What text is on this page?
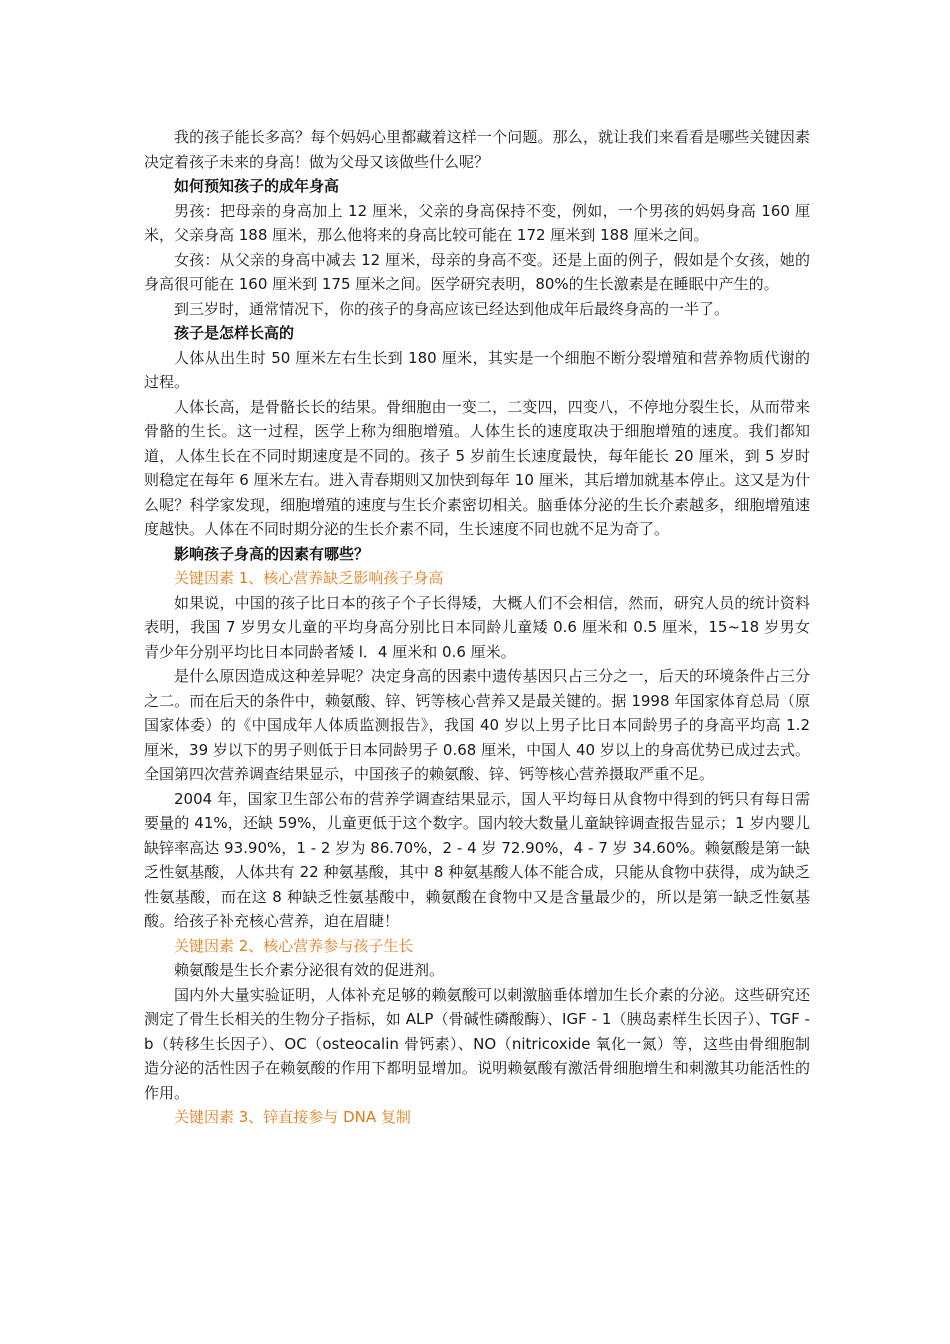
我的孩子能长多高？每个妈妈心里都藏着这样一个问题。那么，就让我们来看看是哪些关键因素决定着孩子未来的身高！做为父母又该做些什么呢？

如何预知孩子的成年身高

男孩：把母亲的身高加上 12 厘米，父亲的身高保持不变，例如，一个男孩的妈妈身高 160 厘米，父亲身高 188 厘米，那么他将来的身高比较可能在 172 厘米到 188 厘米之间。

女孩：从父亲的身高中减去 12 厘米，母亲的身高不变。还是上面的例子，假如是个女孩，她的身高很可能在 160 厘米到 175 厘米之间。医学研究表明，80%的生长激素是在睡眠中产生的。

到三岁时，通常情况下，你的孩子的身高应该已经达到他成年后最终身高的一半了。

孩子是怎样长高的

人体从出生时 50 厘米左右生长到 180 厘米，其实是一个细胞不断分裂增殖和营养物质代谢的过程。

人体长高，是骨骼长长的结果。骨细胞由一变二，二变四，四变八，不停地分裂生长，从而带来骨骼的生长。这一过程，医学上称为细胞增殖。人体生长的速度取决于细胞增殖的速度。我们都知道，人体生长在不同时期速度是不同的。孩子 5 岁前生长速度最快，每年能长 20 厘米，到 5 岁时则稳定在每年 6 厘米左右。进入青春期则又加快到每年 10 厘米，其后增加就基本停止。这又是为什么呢？科学家发现，细胞增殖的速度与生长介素密切相关。脑垂体分泌的生长介素越多，细胞增殖速度越快。人体在不同时期分泌的生长介素不同，生长速度不同也就不足为奇了。

影响孩子身高的因素有哪些？

关键因素 1、核心营养缺乏影响孩子身高

如果说，中国的孩子比日本的孩子个子长得矮，大概人们不会相信，然而，研究人员的统计资料表明，我国 7 岁男女儿童的平均身高分别比日本同龄儿童矮 0.6 厘米和 0.5 厘米，15~18 岁男女青少年分别平均比日本同龄者矮 l．4 厘米和 0.6 厘米。

是什么原因造成这种差异呢？决定身高的因素中遗传基因只占三分之一，后天的环境条件占三分之二。而在后天的条件中，赖氨酸、锌、钙等核心营养又是最关键的。据 1998 年国家体育总局（原国家体委）的《中国成年人体质监测报告》，我国 40 岁以上男子比日本同龄男子的身高平均高 1.2 厘米，39 岁以下的男子则低于日本同龄男子 0.68 厘米，中国人 40 岁以上的身高优势已成过去式。全国第四次营养调查结果显示，中国孩子的赖氨酸、锌、钙等核心营养摄取严重不足。

2004 年，国家卫生部公布的营养学调查结果显示，国人平均每日从食物中得到的钙只有每日需要量的 41%，还缺 59%，儿童更低于这个数字。国内较大数量儿童缺锌调查报告显示；1 岁内婴儿缺锌率高达 93.90%，1 - 2 岁为 86.70%，2 - 4 岁 72.90%，4 - 7 岁 34.60%。赖氨酸是第一缺乏性氨基酸，人体共有 22 种氨基酸，其中 8 种氨基酸人体不能合成，只能从食物中获得，成为缺乏性氨基酸，而在这 8 种缺乏性氨基酸中，赖氨酸在食物中又是含量最少的，所以是第一缺乏性氨基酸。给孩子补充核心营养，迫在眉睫！

关键因素 2、核心营养参与孩子生长

赖氨酸是生长介素分泌很有效的促进剂。

国内外大量实验证明，人体补充足够的赖氨酸可以刺激脑垂体增加生长介素的分泌。这些研究还测定了骨生长相关的生物分子指标，如 ALP（骨碱性磷酸酶）、IGF - 1（胰岛素样生长因子）、TGF - b（转移生长因子）、OC（osteocalin 骨钙素）、NO（nitricoxide 氧化一氮）等，这些由骨细胞制造分泌的活性因子在赖氨酸的作用下都明显增加。说明赖氨酸有激活骨细胞增生和刺激其功能活性的作用。

关键因素 3、锌直接参与 DNA 复制
